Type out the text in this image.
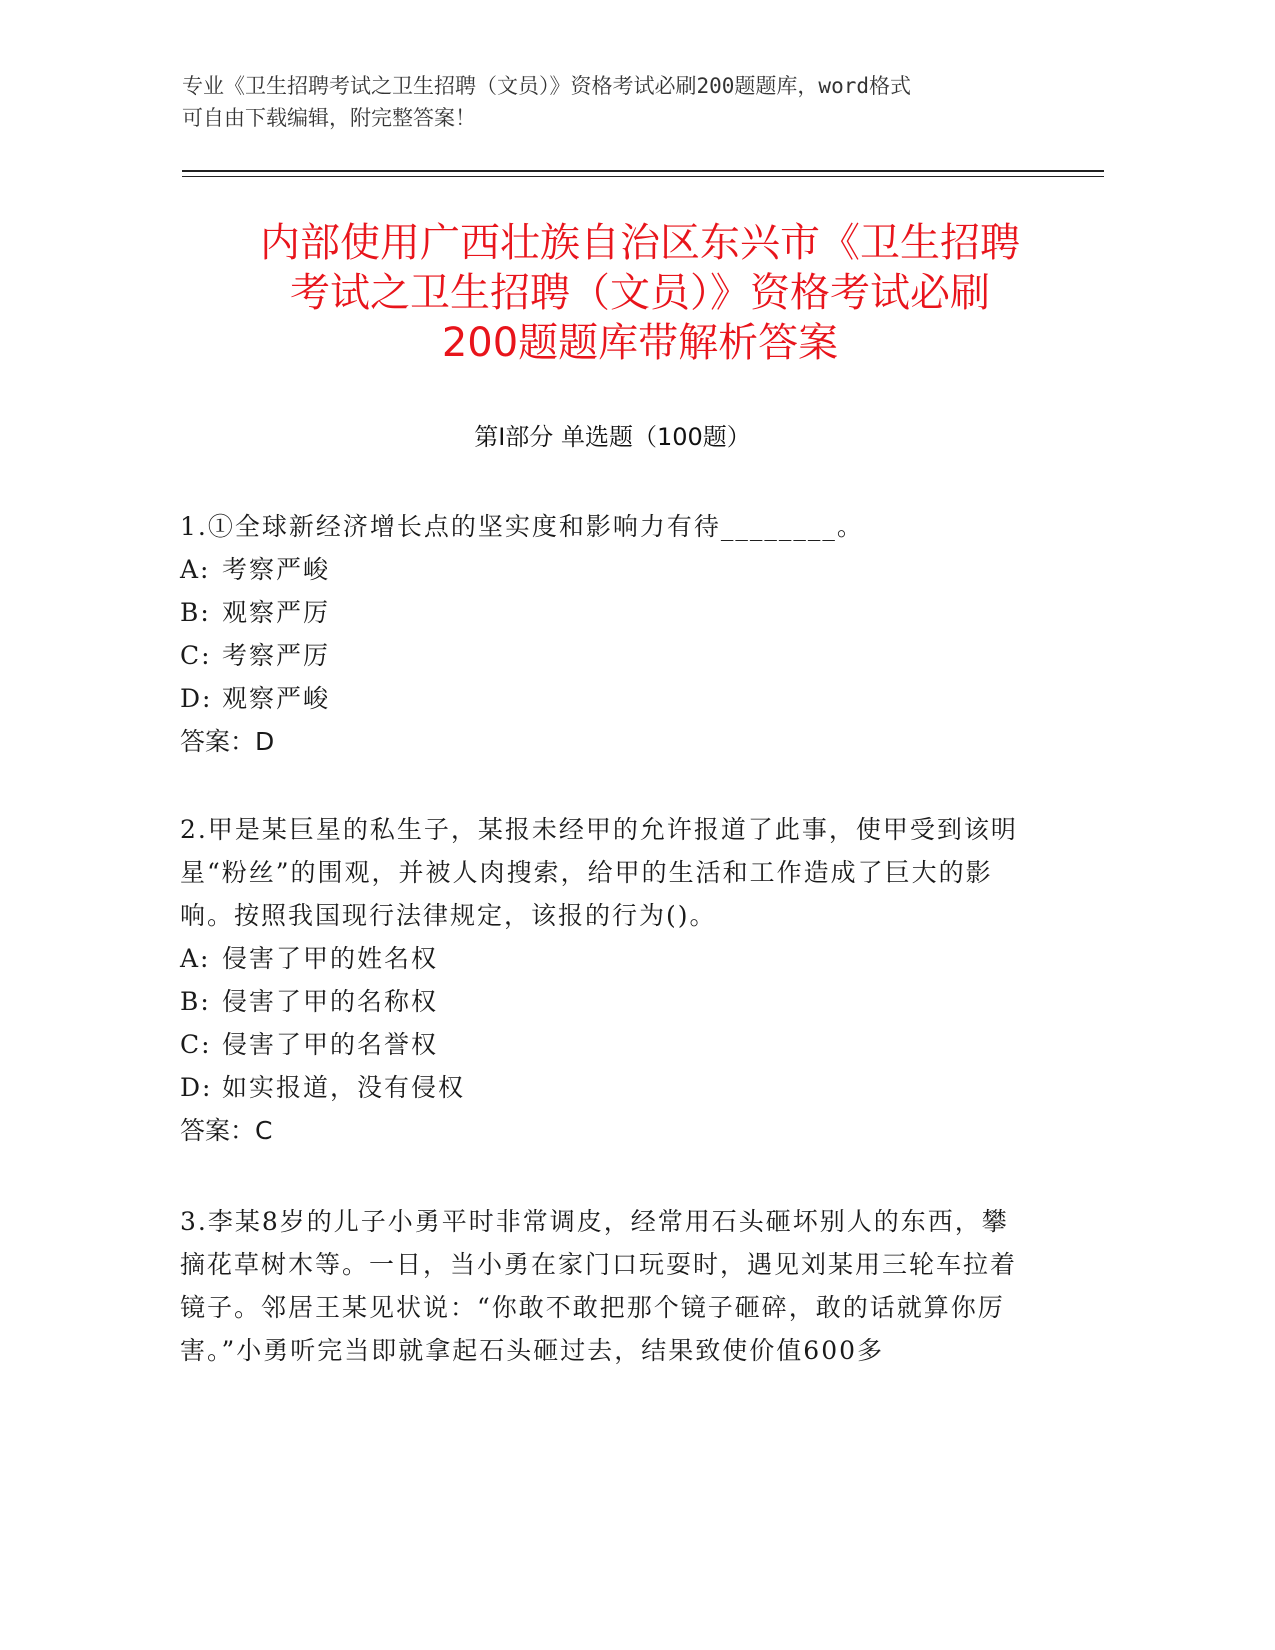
专业《卫生招聘考试之卫生招聘（文员）》资格考试必刷200题题库，word格式
可自由下载编辑，附完整答案！
内部使用广西壮族自治区东兴市《卫生招聘
考试之卫生招聘（文员）》资格考试必刷
200题题库带解析答案
第Ⅰ部分 单选题（100题）

1.①全球新经济增长点的坚实度和影响力有待________。

A: 考察严峻

B: 观察严厉

C: 考察严厉

D: 观察严峻

答案：D

2.甲是某巨星的私生子，某报未经甲的允许报道了此事，使甲受到该明星“粉丝”的围观，并被人肉搜索，给甲的生活和工作造成了巨大的影响。按照我国现行法律规定，该报的行为()。

A: 侵害了甲的姓名权

B: 侵害了甲的名称权

C: 侵害了甲的名誉权

D: 如实报道，没有侵权

答案：C

3.李某8岁的儿子小勇平时非常调皮，经常用石头砸坏别人的东西，攀摘花草树木等。一日，当小勇在家门口玩耍时，遇见刘某用三轮车拉着镜子。邻居王某见状说：“你敢不敢把那个镜子砸碎，敢的话就算你厉害。”小勇听完当即就拿起石头砸过去，结果致使价值600多
